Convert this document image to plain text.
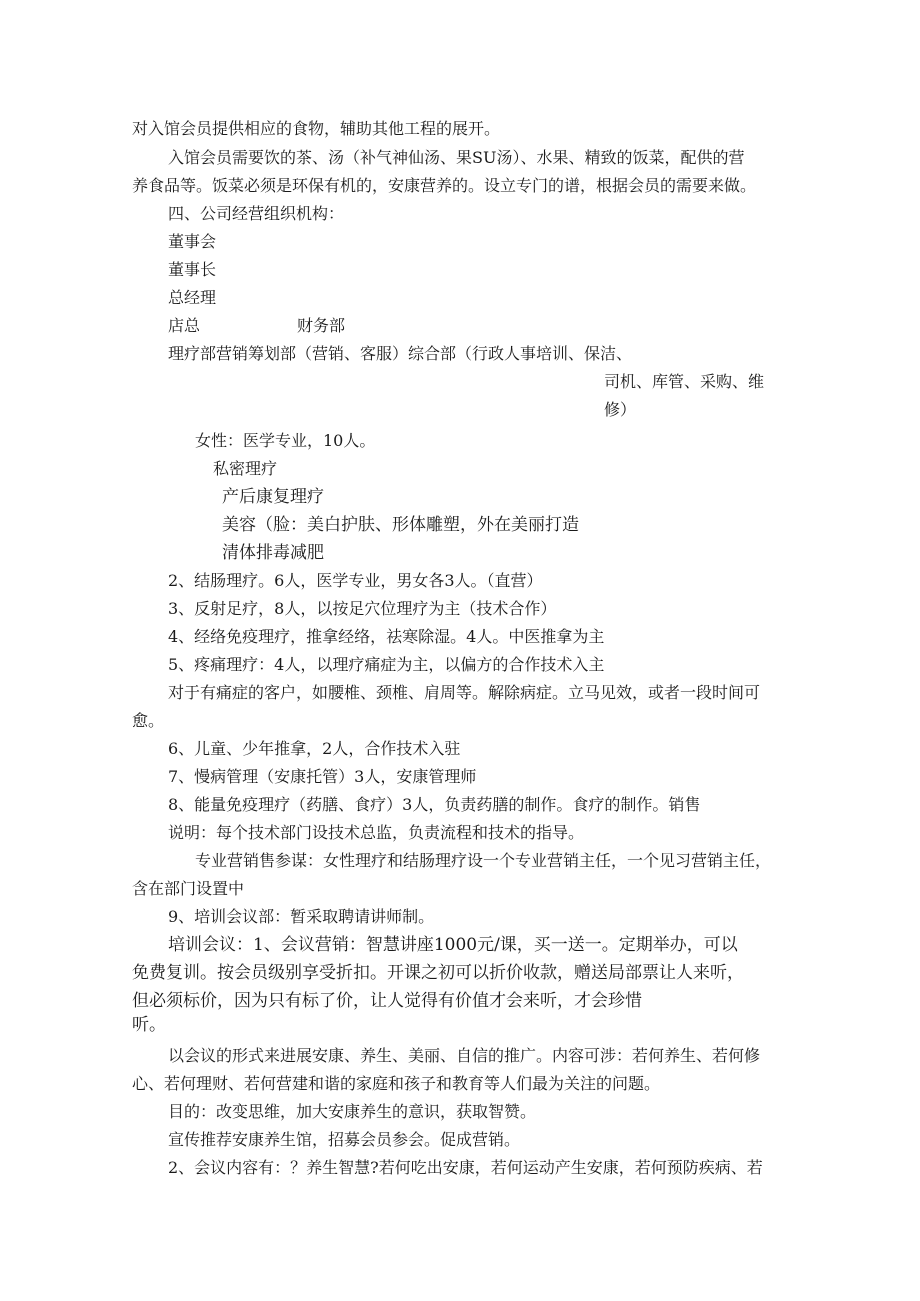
对入馆会员提供相应的食物，辅助其他工程的展开。
入馆会员需要饮的茶、汤（补气神仙汤、果SU汤）、水果、精致的饭菜，配供的营
养食品等。饭菜必须是环保有机的，安康营养的。设立专门的谱，根据会员的需要来做。
四、公司经营组织机构：
董事会
董事长
总经理
店总	财务部
理疗部营销筹划部（营销、客服）综合部（行政人事培训、保洁、
司机、库管、采购、维
修）
女性：医学专业，10人。
私密理疗
产后康复理疗
美容（脸：美白护肤、形体雕塑，外在美丽打造
清体排毒减肥
2、结肠理疗。6人，医学专业，男女各3人。（直营）
3、反射足疗，8人，以按足穴位理疗为主（技术合作）
4、经络免疫理疗，推拿经络，祛寒除湿。4人。中医推拿为主
5、疼痛理疗：4人，以理疗痛症为主，以偏方的合作技术入主
对于有痛症的客户，如腰椎、颈椎、肩周等。解除病症。立马见效，或者一段时间可
愈。
6、儿童、少年推拿，2人，合作技术入驻
7、慢病管理（安康托管）3人，安康管理师
8、能量免疫理疗（药膳、食疗）3人，负责药膳的制作。食疗的制作。销售
说明：每个技术部门设技术总监，负责流程和技术的指导。
专业营销售参谋：女性理疗和结肠理疗设一个专业营销主任，一个见习营销主任，
含在部门设置中
9、培训会议部：暂采取聘请讲师制。
培训会议：1、会议营销：智慧讲座1000元/课，买一送一。定期举办，可以
免费复训。按会员级别享受折扣。开课之初可以折价收款，赠送局部票让人来听，
但必须标价，因为只有标了价，让人觉得有价值才会来听，才会珍惜
听。
以会议的形式来进展安康、养生、美丽、自信的推广。内容可涉：若何养生、若何修
心、若何理财、若何营建和谐的家庭和孩子和教育等人们最为关注的问题。
目的：改变思维，加大安康养生的意识，获取智赞。
宣传推荐安康养生馆，招募会员参会。促成营销。
2、会议内容有：？养生智慧?若何吃出安康，若何运动产生安康，若何预防疾病、若
